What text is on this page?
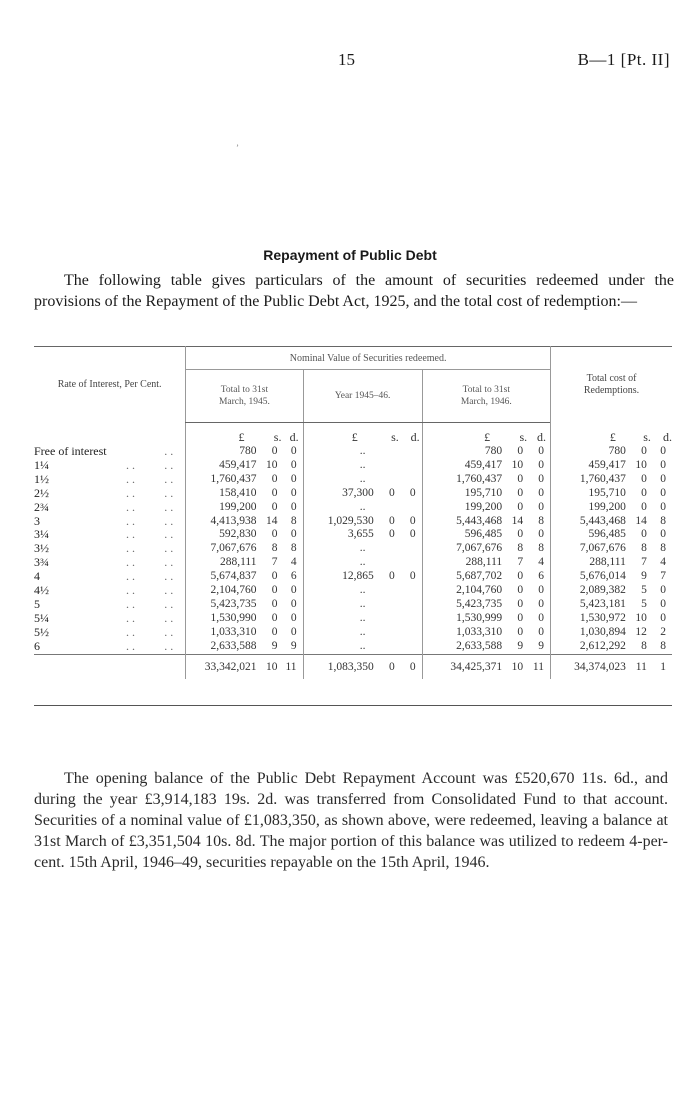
15	B—1 [Pt. II]
ʼ
Repayment of Public Debt

The following table gives particulars of the amount of securities redeemed under the provisions of the Repayment of the Public Debt Act, 1925, and the total cost of redemption:—

Rate of Interest, Per Cent.	Nominal Value of Securities redeemed.									Total cost of Redemptions.		
	Total to 31st March, 1945.			Year 1945–46.			Total to 31st March, 1946.					
	£	s.	d.	£	s.	d.	£	s.	d.	£	s.	d.
Free of interest . .	780	0	0	..			780	0	0	780	0	0
1¼ . . . .	459,417	10	0	..			459,417	10	0	459,417	10	0
1½ . . . .	1,760,437	0	0	..			1,760,437	0	0	1,760,437	0	0
2½ . . . .	158,410	0	0	37,300	0	0	195,710	0	0	195,710	0	0
2¾ . . . .	199,200	0	0	..			199,200	0	0	199,200	0	0
3 . . . .	4,413,938	14	8	1,029,530	0	0	5,443,468	14	8	5,443,468	14	8
3¼ . . . .	592,830	0	0	3,655	0	0	596,485	0	0	596,485	0	0
3½ . . . .	7,067,676	8	8	..			7,067,676	8	8	7,067,676	8	8
3¾ . . . .	288,111	7	4	..			288,111	7	4	288,111	7	4
4 . . . .	5,674,837	0	6	12,865	0	0	5,687,702	0	6	5,676,014	9	7
4½ . . . .	2,104,760	0	0	..			2,104,760	0	0	2,089,382	5	0
5 . . . .	5,423,735	0	0	..			5,423,735	0	0	5,423,181	5	0
5¼ . . . .	1,530,990	0	0	..			1,530,999	0	0	1,530,972	10	0
5½ . . . .	1,033,310	0	0	..			1,033,310	0	0	1,030,894	12	2
6 . . . .	2,633,588	9	9	..			2,633,588	9	9	2,612,292	8	8
	33,342,021	10	11	1,083,350	0	0	34,425,371	10	11	34,374,023	11	1

The opening balance of the Public Debt Repayment Account was £520,670 11s. 6d., and during the year £3,914,183 19s. 2d. was transferred from Consolidated Fund to that account. Securities of a nominal value of £1,083,350, as shown above, were redeemed, leaving a balance at 31st March of £3,351,504 10s. 8d. The major portion of this balance was utilized to redeem 4-per-cent. 15th April, 1946–49, securities repayable on the 15th April, 1946.
